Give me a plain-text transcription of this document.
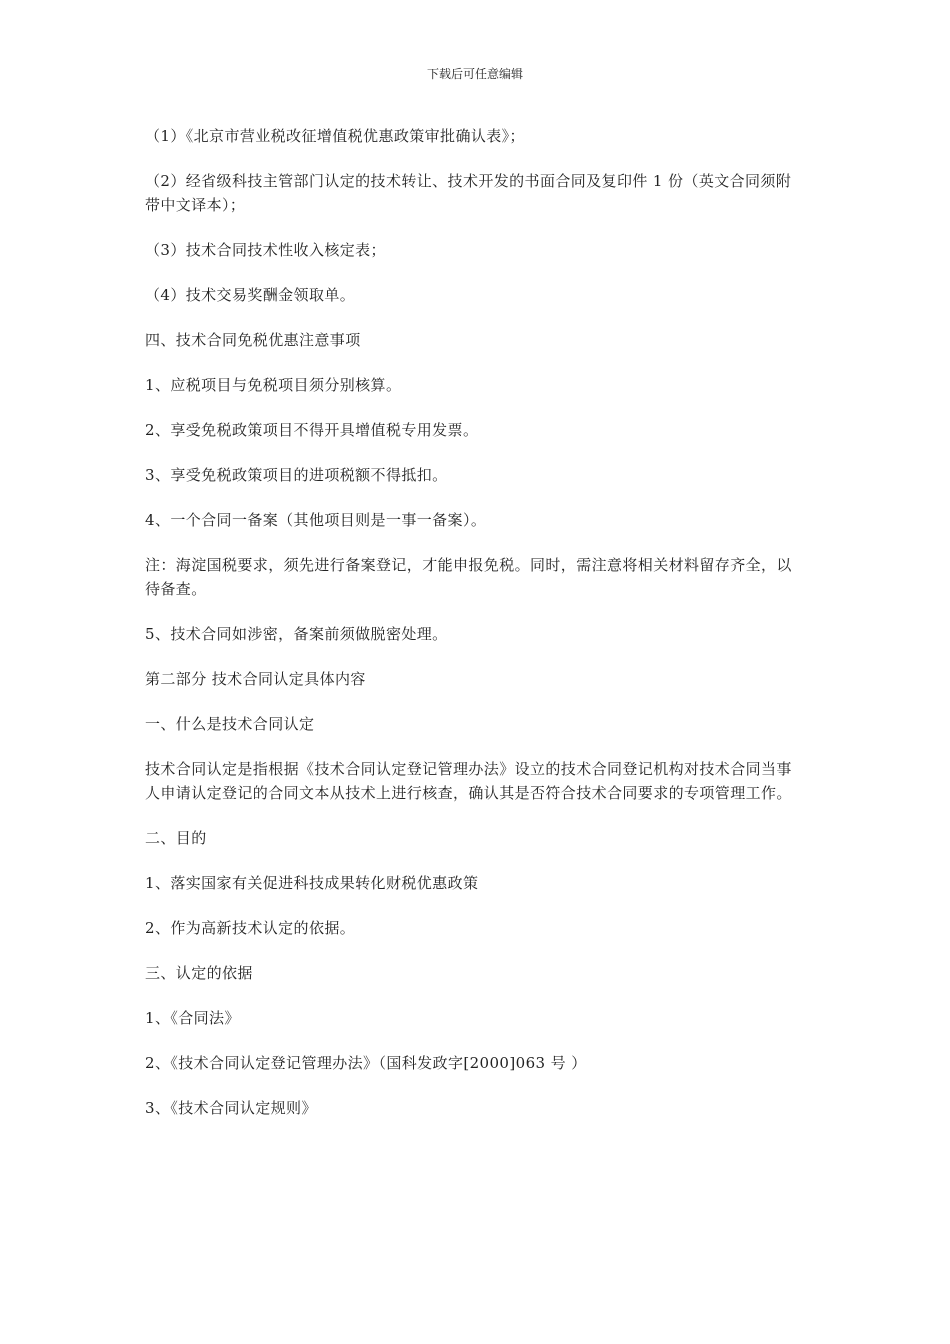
下载后可任意编辑

（1）《北京市营业税改征增值税优惠政策审批确认表》；

（2）经省级科技主管部门认定的技术转让、技术开发的书面合同及复印件 1 份（英文合同须附带中文译本）；

（3）技术合同技术性收入核定表；

（4）技术交易奖酬金领取单。

四、技术合同免税优惠注意事项

1、应税项目与免税项目须分别核算。

2、享受免税政策项目不得开具增值税专用发票。

3、享受免税政策项目的进项税额不得抵扣。

4、一个合同一备案（其他项目则是一事一备案）。

注：海淀国税要求，须先进行备案登记，才能申报免税。同时，需注意将相关材料留存齐全，以待备查。

5、技术合同如涉密，备案前须做脱密处理。

第二部分 技术合同认定具体内容

一、什么是技术合同认定

技术合同认定是指根据《技术合同认定登记管理办法》设立的技术合同登记机构对技术合同当事人申请认定登记的合同文本从技术上进行核查，确认其是否符合技术合同要求的专项管理工作。

二、目的

1、落实国家有关促进科技成果转化财税优惠政策

2、作为高新技术认定的依据。

三、认定的依据

1、《合同法》

2、《技术合同认定登记管理办法》（国科发政字[2000]063 号 ）

3、《技术合同认定规则》
